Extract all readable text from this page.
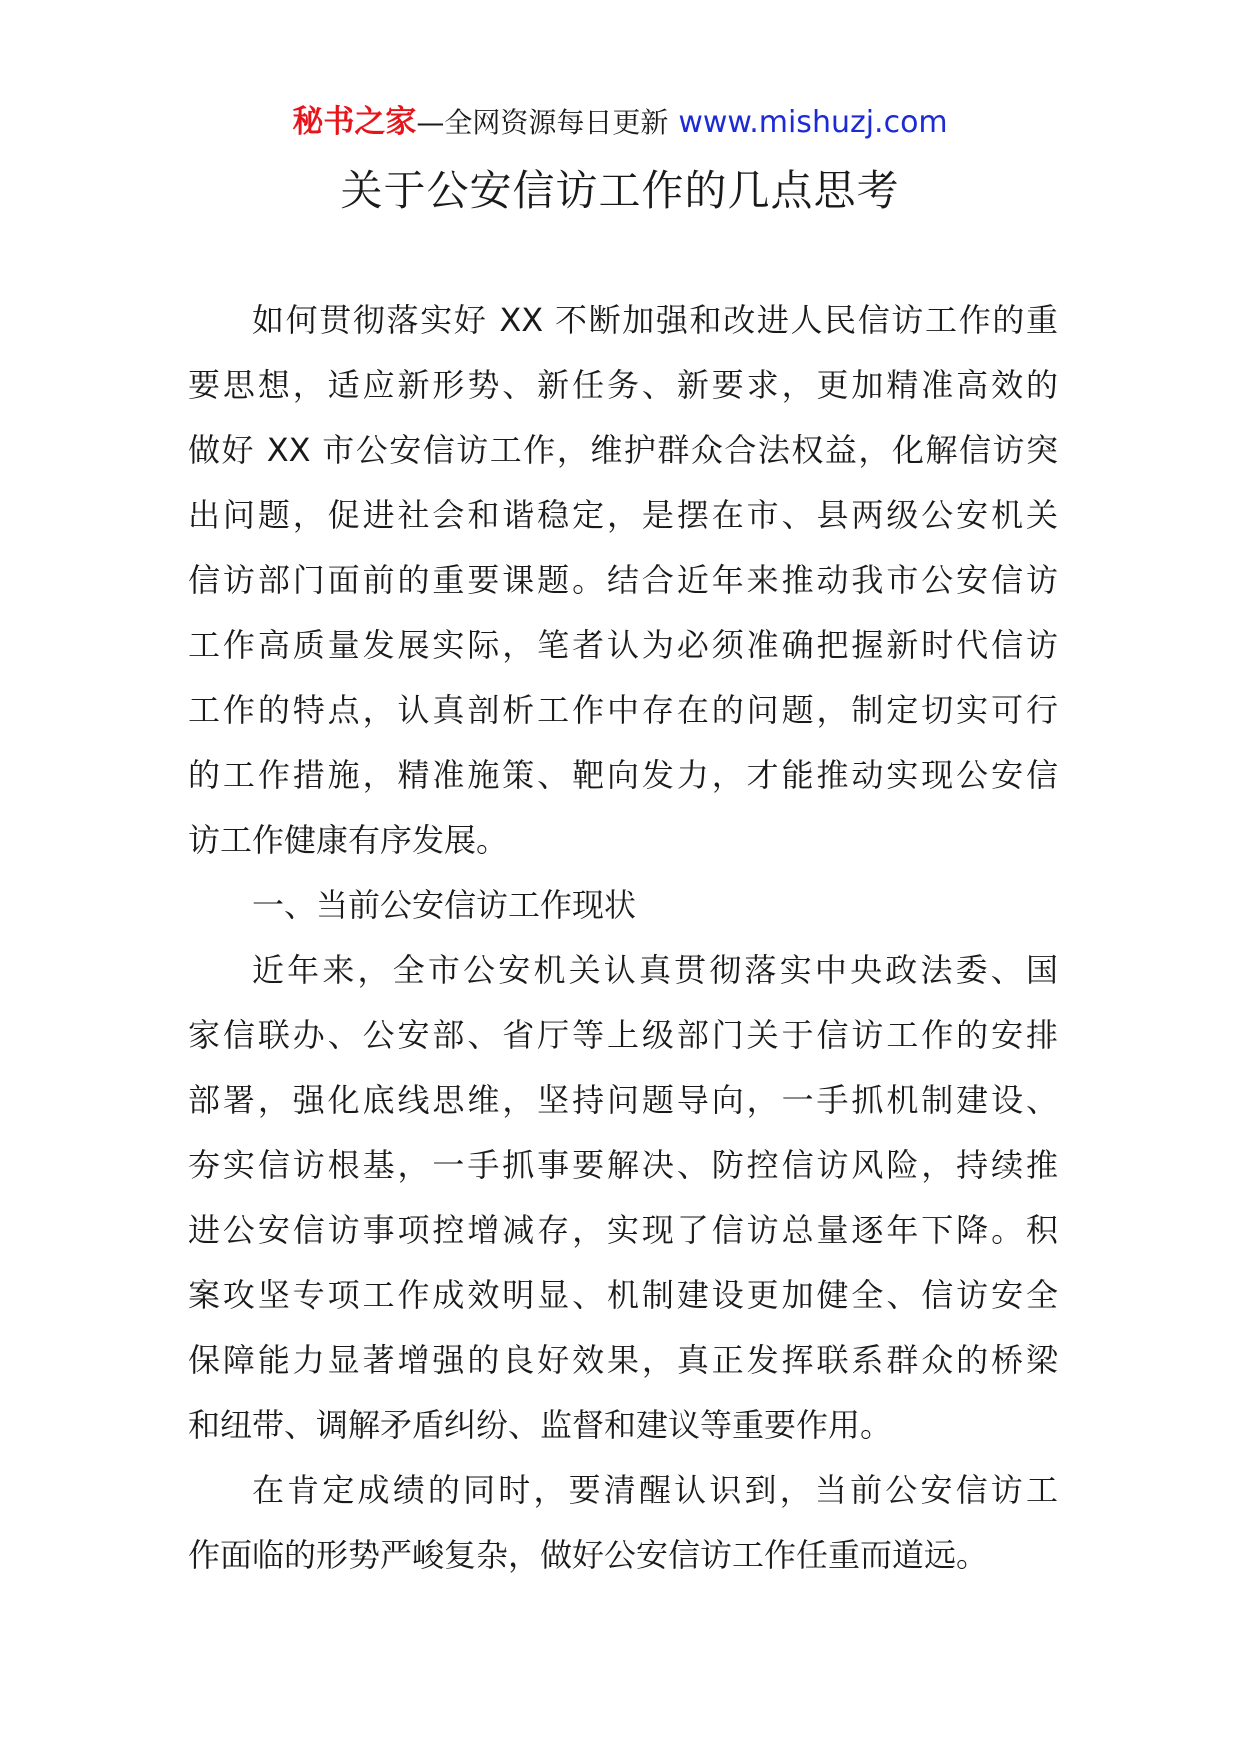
秘书之家—全网资源每日更新 www.mishuzj.com
关于公安信访工作的几点思考
如何贯彻落实好 XX 不断加强和改进人民信访工作的重
要思想，适应新形势、新任务、新要求，更加精准高效的
做好 XX 市公安信访工作，维护群众合法权益，化解信访突
出问题，促进社会和谐稳定，是摆在市、县两级公安机关
信访部门面前的重要课题。结合近年来推动我市公安信访
工作高质量发展实际，笔者认为必须准确把握新时代信访
工作的特点，认真剖析工作中存在的问题，制定切实可行
的工作措施，精准施策、靶向发力，才能推动实现公安信
访工作健康有序发展。
一、当前公安信访工作现状
近年来，全市公安机关认真贯彻落实中央政法委、国
家信联办、公安部、省厅等上级部门关于信访工作的安排
部署，强化底线思维，坚持问题导向，一手抓机制建设、
夯实信访根基，一手抓事要解决、防控信访风险，持续推
进公安信访事项控增减存，实现了信访总量逐年下降。积
案攻坚专项工作成效明显、机制建设更加健全、信访安全
保障能力显著增强的良好效果，真正发挥联系群众的桥梁
和纽带、调解矛盾纠纷、监督和建议等重要作用。
在肯定成绩的同时，要清醒认识到，当前公安信访工
作面临的形势严峻复杂，做好公安信访工作任重而道远。
